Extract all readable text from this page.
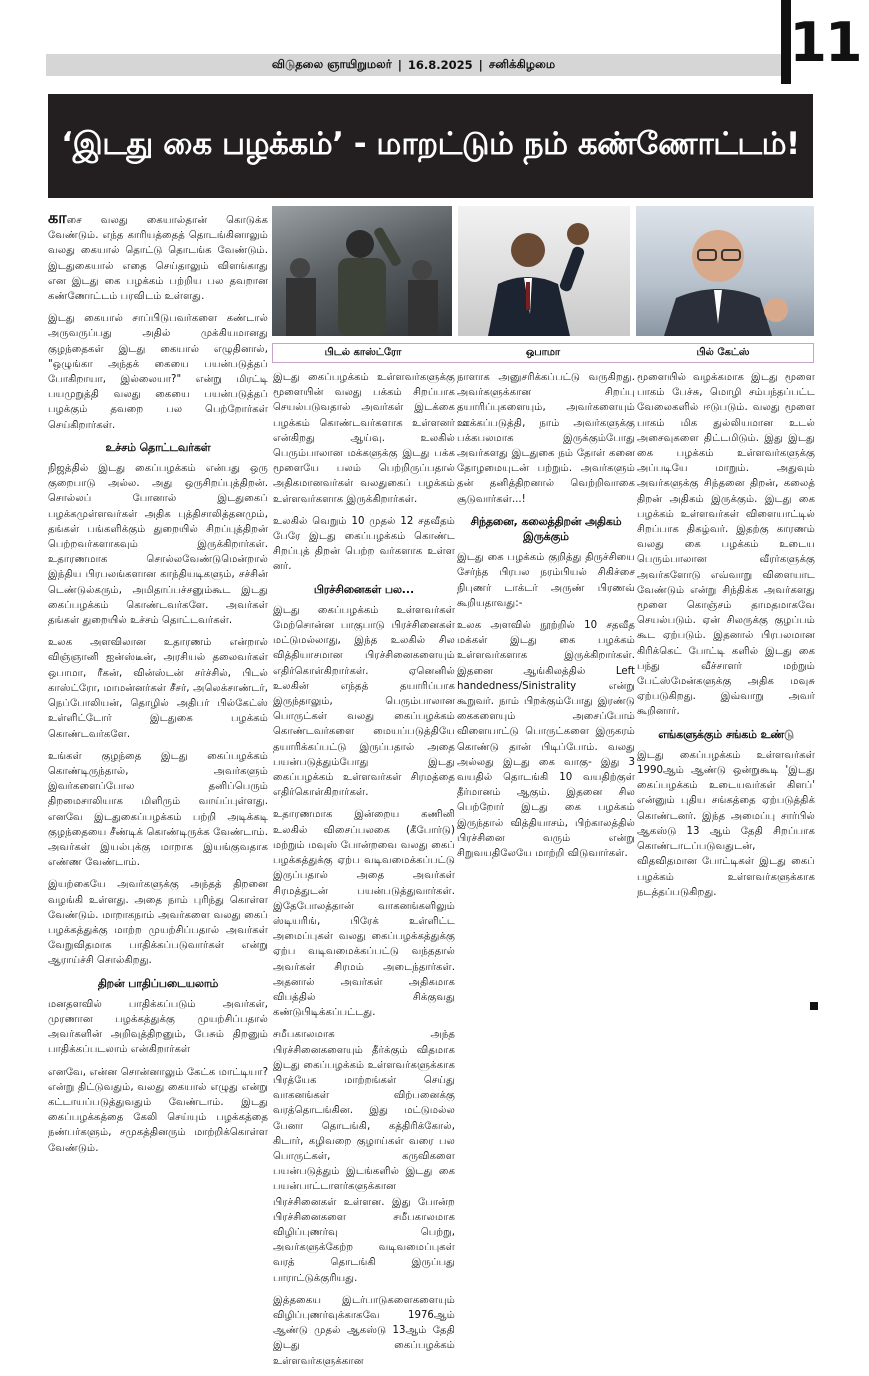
11
விடுதலை ஞாயிறுமலர் | 16.8.2025 | சனிக்கிழமை
‘இடது கை பழக்கம்’ - மாறட்டும் நம் கண்ணோட்டம்!

காசை வலது கையால்தான் கொடுக்க வேண்டும். எந்த காரியத்தைத் தொடங்கினாலும் வலது கையால் தொட்டு தொடங்க வேண்டும். இடதுகையால் எதை செய்தாலும் விளங்காது என இடது கை பழக்கம் பற்றிய பல தவறான கண்ணோட்டம் பரவிடம் உள்ளது.

இடது கையால் சாப்பிடுபவர்களை கண்டால் அருவருப்பது அதில் முக்கியமானது குழந்தைகள் இடது கையால் எழுதினால், "ஒழுங்கா அந்தக் கையை பயன்படுத்தப் போகிறாயா, இல்லையா?" என்று மிரட்டி பயமுறுத்தி வலது கையை பயன்படுத்தப் பழக்கும் தவறை பல பெற்றோர்கள் செய்கிறார்கள்.

உச்சம் தொட்டவர்கள்

நிஜத்தில் இடது கைப்பழக்கம் என்பது ஒரு குறைபாடு அல்ல. அது ஒருசிறப்புத்திறன். சொல்லப் போனால் இடதுகைப் பழக்கமுள்ளவர்கள் அதிக புத்திசாலித்தனமும், தங்கள் பங்களிக்கும் துறையில் சிறப்புத்திறன் பெற்றவர்களாகவும் இருக்கிறார்கள். உதாரணமாக சொல்லவேண்டுமென்றால் இந்திய பிரபலங்களான காந்தியடிகளும், சச்சின் டெண்டுல்கரும், அமிதாப்பச்சனும்கூட இடது கைப்பழக்கம் கொண்டவர்களே. அவர்கள் தங்கள் துறையில் உச்சம் தொட்டவர்கள்.

உலக அளவிலான உதாரணம் என்றால் விஞ்ஞானி ஐன்ஸ்டீன், அரசியல் தலைவர்கள் ஒபாமா, ரீகன், வின்ஸ்டன் சர்ச்சில், பிடல் காஸ்ட்ரோ, மாமன்னர்கள் சீசர், அலெக்சாண்டர், நெப்போலியன், தொழில் அதிபர் பில்கேட்ஸ் உள்ளிட்டோர் இடதுகை பழக்கம் கொண்டவர்களே.

உங்கள் குழந்தை இடது கைப்பழக்கம் கொண்டிருந்தால், அவர்களும் இவர்களைப்போல தனிப்பெரும் திறமைசாலியாக மிளிரும் வாய்ப்புள்ளது. எனவே இடதுகைப்பழக்கம் பற்றி அடிக்கடி குழந்தையை சீண்டிக் கொண்டிருக்க வேண்டாம். அவர்கள் இயல்புக்கு மாறாக இயங்குவதாக எண்ண வேண்டாம்.

இயற்கையே அவர்களுக்கு அந்தத் திறனை வழங்கி உள்ளது. அதை நாம் புரிந்து கொள்ள வேண்டும். மாறாகநாம் அவர்களை வலது கைப் பழக்கத்துக்கு மாற்ற முயற்சிப்பதால் அவர்கள் வேறுவிதமாக பாதிக்கப்படுவார்கள் என்று ஆராய்ச்சி சொல்கிறது.

திறன் பாதிப்படையலாம்

மனதளவில் பாதிக்கப்படும் அவர்கள், முரணான பழக்கத்துக்கு முயற்சிப்பதால் அவர்களின் அறிவுத்திறனும், பேசும் திறனும் பாதிக்கப்படலாம் என்கிறார்கள்

எனவே, என்ன சொன்னாலும் கேட்க மாட்டியா? என்று திட்டுவதும், வலது கையால் எழுது என்று கட்டாயப்படுத்துவதும் வேண்டாம். இடது கைப்பழக்கத்தை கேலி செய்யும் பழக்கத்தை நண்பர்களும், சமுகத்தினரும் மாற்றிக்கொள்ள வேண்டும்.

பிடல் காஸ்ட்ரோ	ஒபாமா	பில் கேட்ஸ்

இடது கைப்பழக்கம் உள்ளவர்களுக்கு மூளையின் வலது பக்கம் சிறப்பாக செயல்படுவதால் அவர்கள் இடக்கை பழக்கம் கொண்டவர்களாக உள்ளனர் என்கிறது ஆய்வு. உலகில் பெரும்பாலான மக்களுக்கு இடது பக்க மூளையே பலம் பெற்றிருப்பதால் அதிகமானவர்கள் வலதுகைப் பழக்கம் உள்ளவர்களாக இருக்கிறார்கள்.

உலகில் வெறும் 10 முதல் 12 சதவீதம் பேரே இடது கைப்பழக்கம் கொண்ட சிறப்புத் திறன் பெற்ற வர்களாக உள்ள னர்.

பிரச்சினைகள் பல...

இடது கைப்பழக்கம் உள்ளவர்கள் மேற்சொன்ன பாகுபாடு பிரச்சினைகள் மட்டுமல்லாது, இந்த உலகில் சில வித்தியாசமான பிரச்சினைகளையும் எதிர்கொள்கிறார்கள். ஏனெனில் உலகின் எந்தத் தயாரிப்பாக இருந்தாலும், பெரும்பாலான பொருட்கள் வலது கைப்பழக்கம் கொண்டவர்களை மையப்படுத்தியே தயாரிக்கப்பட்டு இருப்பதால் அதை பயன்படுத்தும்போது இடது கைப்பழக்கம் உள்ளவர்கள் சிரமத்தை எதிர்கொள்கிறார்கள்.

உதாரணமாக இன்றைய கணினி உலகில் விசைப்பலகை (கீபோர்டு) மற்றும் மவுஸ் போன்றவை வலது கைப் பழக்கத்துக்கு ஏற்ப வடிவமைக்கப்பட்டு இருப்பதால் அதை அவர்கள் சிரமத்துடன் பயன்படுத்துவார்கள். இதேபோலத்தான் வாகனங்களிலும் ஸ்டியரிங், பிரேக் உள்ளிட்ட அமைப்புகள் வலது கைப்பழக்கத்துக்கு ஏற்ப வடிவமைக்கப்பட்டு வந்ததால் அவர்கள் சிரமம் அடைந்தார்கள். அதனால் அவர்கள் அதிகமாக விபத்தில் சிக்குவது கண்டுபிடிக்கப்பட்டது.

சமீபகாலமாக அந்த பிரச்சினைகளையும் தீர்க்கும் விதமாக இடது கைப்பழக்கம் உள்ளவர்களுக்காக பிரத்யேக மாற்றங்கள் செய்து வாகனங்கள் விற்பனைக்கு வரத்தொடங்கின. இது மட்டுமல்ல பேனா தொடங்கி, கத்திரிக்கோல், கிடார், கழிவறை குழாய்கள் வரை பல பொருட்கள், கருவிகளை பயன்படுத்தும் இடங்களில் இடது கை பயன்பாட்டாளர்களுக்கான பிரச்சினைகள் உள்ளன. இது போன்ற பிரச்சினைகளை சமீபகாலமாக விழிப்புணர்வு பெற்று, அவர்களுக்கேற்ற வடிவமைப்புகள் வரத் தொடங்கி இருப்பது பாராட்டுக்குரியது.

இத்தகைய இடர்பாடுகளைகளையும் விழிப்புணர்வுக்காகவே 1976ஆம் ஆண்டு முதல் ஆகஸ்டு 13ஆம் தேதி இடது கைப்பழக்கம் உள்ளவர்களுக்கான

நாளாக அனுசரிக்கப்பட்டு வருகிறது. அவர்களுக்கான சிறப்பு தயாரிப்புகளையும், அவர்களையும் ஊக்கப்படுத்தி, நாம் அவர்களுக்கு பக்கபலமாக இருக்கும்போது அவர்களது இடதுகை நம் தோள் கனை தோழமையுடன் பற்றும். அவர்களும் தன் தனித்திறனால் வெற்றிவாகை சூடுவார்கள்...!

சிந்தனை, கலைத்திறன் அதிகம் இருக்கும்

இடது கை பழக்கம் குறித்து திருச்சியை சேர்ந்த பிரபல நரம்பியல் சிகிச்சை நிபுணர் டாக்டர் அருண் பிரணவ் கூறியதாவது:-

உலக அளவில் நூற்றில் 10 சதவீத மக்கள் இடது கை பழக்கம் உள்ளவர்களாக இருக்கிறார்கள். இதனை ஆங்கிலத்தில் Left handedness/Sinistrality என்று கூறுவர். நாம் பிறக்கும்போது இரண்டு கைகளையும் அசைப்போம் விளையாட்டு பொருட்களை இருகரம் கொண்டு தான் பிடிப்போம். வலது அல்லது இடது கை வாகு- இது 3 வயதில் தொடங்கி 10 வயதிற்குள் தீர்மானம் ஆகும். இதனை சில பெற்றோர் இடது கை பழக்கம் இருந்தால் வித்தியாசம், பிற்காலத்தில் பிரச்சினை வரும் என்று சிறுவயதிலேயே மாற்றி விடுவார்கள்.

மூளையில் வழக்கமாக இடது மூளை பாகம் பேச்சு, மொழி சம்பந்தப்பட்ட வேலைகளில் ஈடுபடும். வலது மூளை பாகம் மிக துல்லியமான உடல் அசைவுகளை திட்டமிடும். இது இடது கை பழக்கம் உள்ளவர்களுக்கு அப்படியே மாறும். அதுவும் அவர்களுக்கு சிந்தனை திறன், கலைத் திறன் அதிகம் இருக்கும். இடது கை பழக்கம் உள்ளவர்கள் விளையாட்டில் சிறப்பாக திகழ்வர். இதற்கு காரணம் வலது கை பழக்கம் உடைய பெரும்பாலான வீரர்களுக்கு அவர்களோடு எவ்வாறு விளையாட வேண்டும் என்று சிந்திக்க அவர்களது மூளை கொஞ்சம் தாமதமாகவே செயல்படும். ஏன் சிலருக்கு குழப்பம் கூட ஏற்படும். இதனால் பிரபலமான கிரிக்கெட் போட்டி களில் இடது கை பந்து வீச்சாளர் மற்றும் பேட்ஸ்மேன்களுக்கு அதிக மவுசு ஏற்படுகிறது. இவ்வாறு அவர் கூறினார்.

எங்களுக்கும் சங்கம் உண்டு

இடது கைப்பழக்கம் உள்ளவர்கள் 1990ஆம் ஆண்டு ஒன்றுகூடி 'இடது கைப்பழக்கம் உடையவர்கள் கிளப்' என்னும் புதிய சங்கத்தை ஏற்படுத்திக் கொண்டனர். இந்த அமைப்பு சார்பில் ஆகஸ்டு 13 ஆம் தேதி சிறப்பாக கொண்டாடப்படுவதுடன், விதவிதமான போட்டிகள் இடது கைப் பழக்கம் உள்ளவர்களுக்காக நடத்தப்படுகிறது.
